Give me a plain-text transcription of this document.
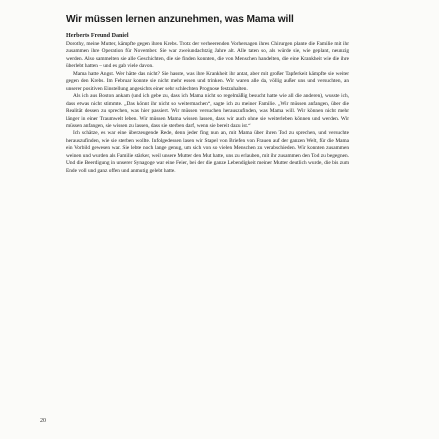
Wir müssen lernen anzunehmen, was Mama will
Herberts Freund Daniel

Dorothy, meine Mutter, kämpfte gegen ihren Krebs. Trotz der verheerenden Vorhersagen ihres Chirurgen plante die Familie mit ihr zusammen ihre Operation für November. Sie war zweiundachtzig Jahre alt. Alle taten so, als würde sie, wie geplant, neunzig werden. Also sammelten sie alle Geschichten, die sie finden konnten, die von Menschen handelten, die eine Krankheit wie die ihre überlebt hatten – und es gab viele davon.

Mama hatte Angst. Wer hätte das nicht? Sie hasste, was ihre Krankheit ihr antat, aber mit großer Tapferkeit kämpfte sie weiter gegen den Krebs. Im Februar konnte sie nicht mehr essen und trinken. Wir waren alle da, völlig außer uns und versuchten, an unserer positiven Einstellung angesichts einer sehr schlechten Prognose festzuhalten.

Als ich aus Boston ankam (und ich gebe zu, dass ich Mama nicht so regelmäßig besucht hatte wie all die anderen), wusste ich, dass etwas nicht stimmte. „Das könnt ihr nicht so weitermachen“, sagte ich zu meiner Familie. „Wir müssen anfangen, über die Realität dessen zu sprechen, was hier passiert. Wir müssen versuchen herauszufinden, was Mama will. Wir können nicht mehr länger in einer Traumwelt leben. Wir müssen Mama wissen lassen, dass wir auch ohne sie weiterleben können und werden. Wir müssen anfangen, sie wissen zu lassen, dass sie sterben darf, wenn sie bereit dazu ist.“

Ich schätze, es war eine überzeugende Rede, denn jeder fing nun an, mit Mama über ihren Tod zu sprechen, und versuchte herauszufinden, wie sie sterben wollte. Infolgedessen lasen wir Stapel von Briefen von Frauen auf der ganzen Welt, für die Mama ein Vorbild gewesen war. Sie lebte noch lange genug, um sich von so vielen Menschen zu verabschieden. Wir konnten zusammen weinen und wurden als Familie stärker, weil unsere Mutter den Mut hatte, uns zu erlauben, mit ihr zusammen den Tod zu begegnen. Und die Beerdigung in unserer Synagoge war eine Feier, bei der die ganze Lebendigkeit meiner Mutter deutlich wurde, die bis zum Ende voll und ganz offen und anmutig gelebt hatte.

20
